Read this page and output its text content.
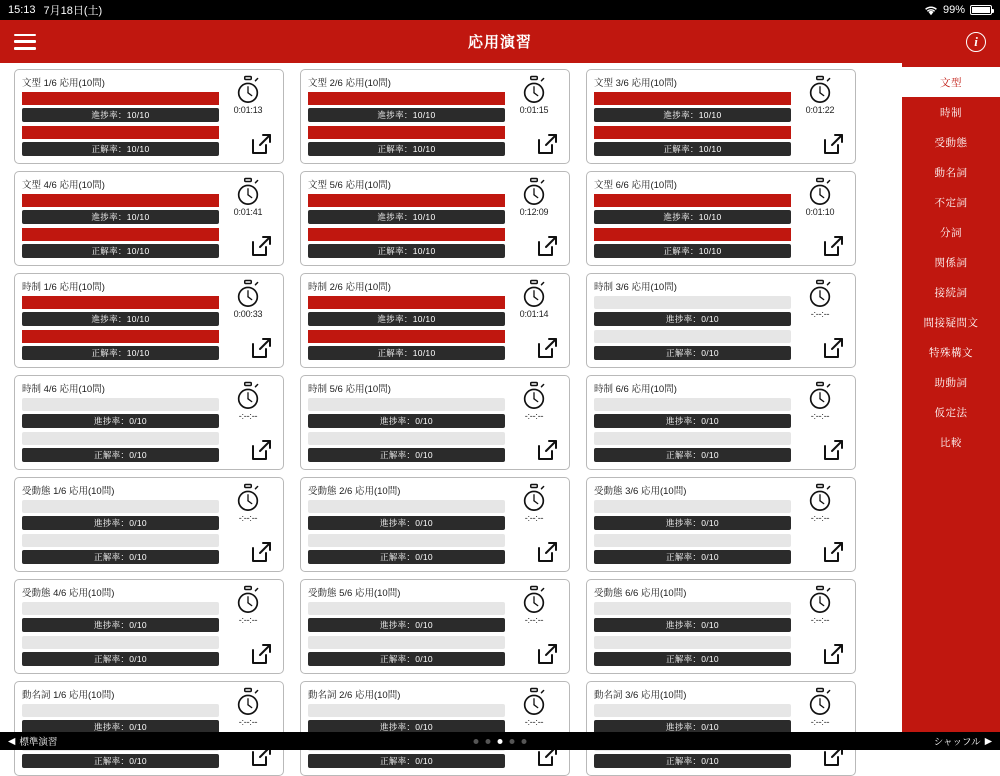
15:13 7月18日(土)	99%
応用演習	i
文型 1/6 応用(10問)
進捗率：10/10
正解率：10/10
0:01:13
文型 2/6 応用(10問)
進捗率：10/10
正解率：10/10
0:01:15
文型 3/6 応用(10問)
進捗率：10/10
正解率：10/10
0:01:22
文型 4/6 応用(10問)
進捗率：10/10
正解率：10/10
0:01:41
文型 5/6 応用(10問)
進捗率：10/10
正解率：10/10
0:12:09
文型 6/6 応用(10問)
進捗率：10/10
正解率：10/10
0:01:10
時制 1/6 応用(10問)
進捗率：10/10
正解率：10/10
0:00:33
時制 2/6 応用(10問)
進捗率：10/10
正解率：10/10
0:01:14
時制 3/6 応用(10問)
進捗率：0/10
正解率：0/10
-:--:--
時制 4/6 応用(10問)
進捗率：0/10
正解率：0/10
-:--:--
時制 5/6 応用(10問)
進捗率：0/10
正解率：0/10
-:--:--
時制 6/6 応用(10問)
進捗率：0/10
正解率：0/10
-:--:--
受動態 1/6 応用(10問)
進捗率：0/10
正解率：0/10
-:--:--
受動態 2/6 応用(10問)
進捗率：0/10
正解率：0/10
-:--:--
受動態 3/6 応用(10問)
進捗率：0/10
正解率：0/10
-:--:--
受動態 4/6 応用(10問)
進捗率：0/10
正解率：0/10
-:--:--
受動態 5/6 応用(10問)
進捗率：0/10
正解率：0/10
-:--:--
受動態 6/6 応用(10問)
進捗率：0/10
正解率：0/10
-:--:--
動名詞 1/6 応用(10問)
進捗率：0/10
正解率：0/10
-:--:--
動名詞 2/6 応用(10問)
進捗率：0/10
正解率：0/10
-:--:--
動名詞 3/6 応用(10問)
進捗率：0/10
正解率：0/10
-:--:--
文型
時制
受動態
動名詞
不定詞
分詞
関係詞
接続詞
間接疑問文
特殊構文
助動詞
仮定法
比較
◀ 標準演習	シャッフル ▶
